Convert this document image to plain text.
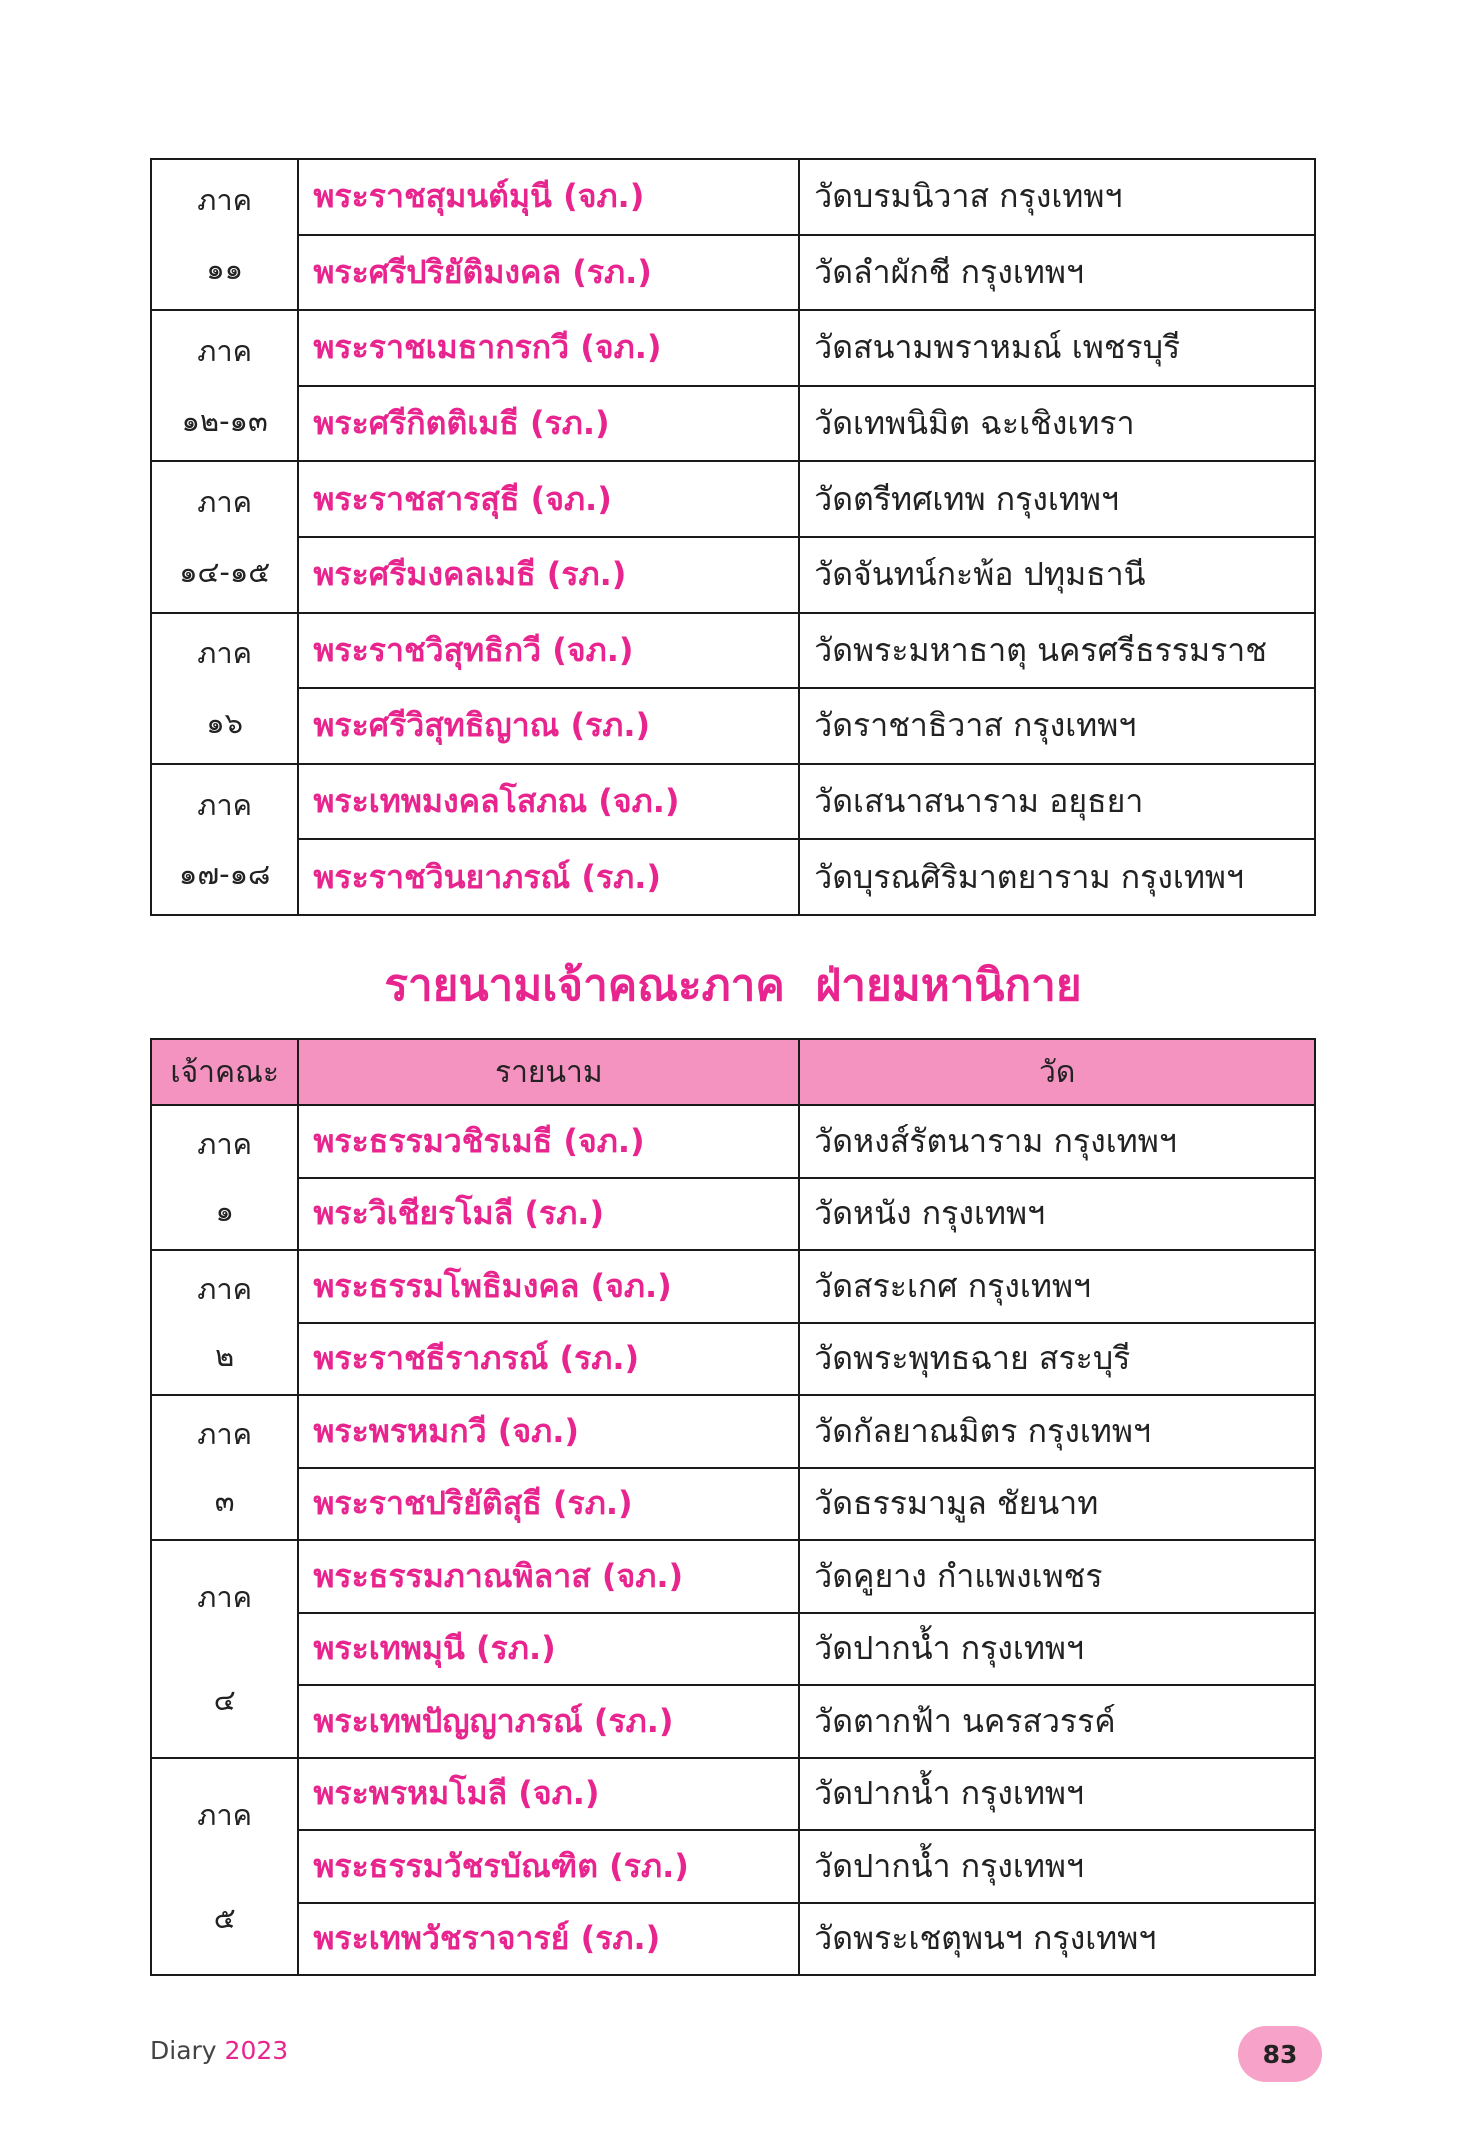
ภาค
๑๑	พระราชสุมนต์มุนี (จภ.)	วัดบรมนิวาส กรุงเทพฯ
	พระศรีปริยัติมงคล (รภ.)	วัดลำผักชี กรุงเทพฯ

ภาค
๑๒-๑๓	พระราชเมธากรกวี (จภ.)	วัดสนามพราหมณ์ เพชรบุรี
	พระศรีกิตติเมธี (รภ.)	วัดเทพนิมิต ฉะเชิงเทรา

ภาค
๑๔-๑๕	พระราชสารสุธี (จภ.)	วัดตรีทศเทพ กรุงเทพฯ
	พระศรีมงคลเมธี (รภ.)	วัดจันทน์กะพ้อ ปทุมธานี

ภาค
๑๖	พระราชวิสุทธิกวี (จภ.)	วัดพระมหาธาตุ นครศรีธรรมราช
	พระศรีวิสุทธิญาณ (รภ.)	วัดราชาธิวาส กรุงเทพฯ

ภาค
๑๗-๑๘	พระเทพมงคลโสภณ (จภ.)	วัดเสนาสนาราม อยุธยา
	พระราชวินยาภรณ์ (รภ.)	วัดบุรณศิริมาตยาราม กรุงเทพฯ
รายนามเจ้าคณะภาค  ฝ่ายมหานิกาย
เจ้าคณะ	รายนาม	วัด

ภาค
๑	พระธรรมวชิรเมธี (จภ.)	วัดหงส์รัตนาราม กรุงเทพฯ
	พระวิเชียรโมลี (รภ.)	วัดหนัง กรุงเทพฯ

ภาค
๒	พระธรรมโพธิมงคล (จภ.)	วัดสระเกศ กรุงเทพฯ
	พระราชธีราภรณ์ (รภ.)	วัดพระพุทธฉาย สระบุรี

ภาค
๓	พระพรหมกวี (จภ.)	วัดกัลยาณมิตร กรุงเทพฯ
	พระราชปริยัติสุธี (รภ.)	วัดธรรมามูล ชัยนาท

ภาค
๔	พระธรรมภาณพิลาส (จภ.)	วัดคูยาง กำแพงเพชร
	พระเทพมุนี (รภ.)	วัดปากน้ำ กรุงเทพฯ
	พระเทพปัญญาภรณ์ (รภ.)	วัดตากฟ้า นครสวรรค์

ภาค
๕	พระพรหมโมลี (จภ.)	วัดปากน้ำ กรุงเทพฯ
	พระธรรมวัชรบัณฑิต (รภ.)	วัดปากน้ำ กรุงเทพฯ
	พระเทพวัชราจารย์ (รภ.)	วัดพระเชตุพนฯ กรุงเทพฯ
Diary 2023	83
